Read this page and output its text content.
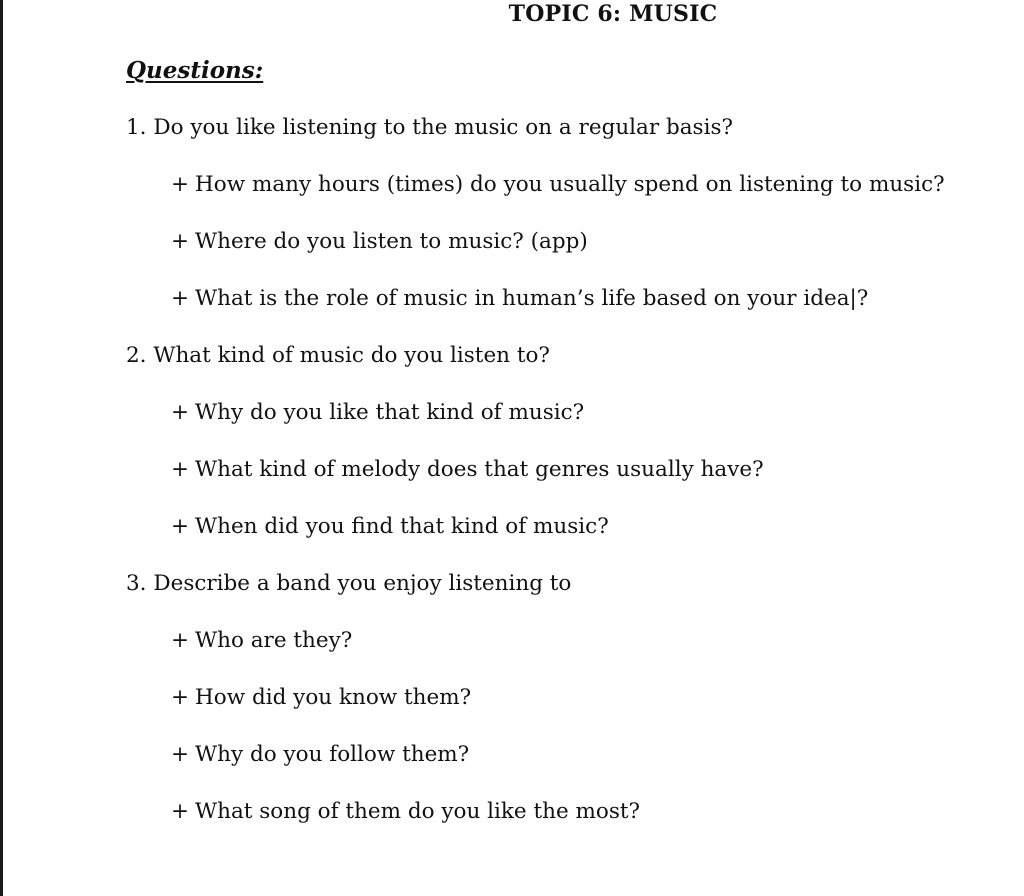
TOPIC 6: MUSIC
Questions:
1. Do you like listening to the music on a regular basis?
+ How many hours (times) do you usually spend on listening to music?
+ Where do you listen to music? (app)
+ What is the role of music in human’s life based on your idea|?
2. What kind of music do you listen to?
+ Why do you like that kind of music?
+ What kind of melody does that genres usually have?
+ When did you find that kind of music?
3. Describe a band you enjoy listening to
+ Who are they?
+ How did you know them?
+ Why do you follow them?
+ What song of them do you like the most?
